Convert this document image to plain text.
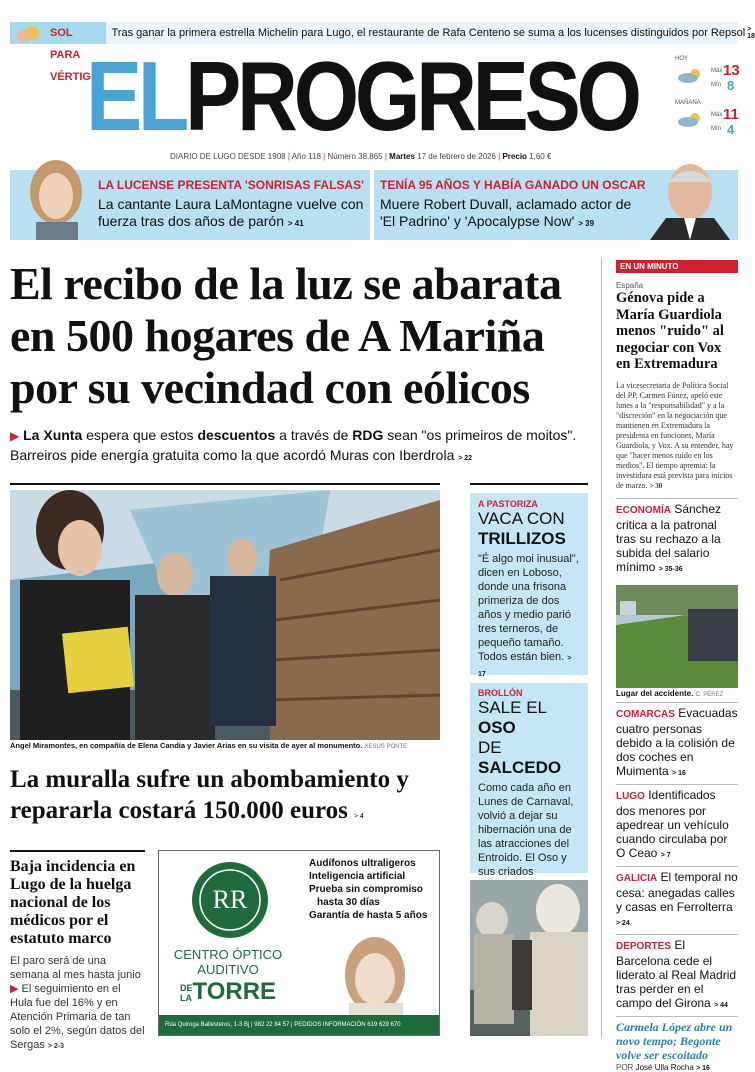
SOL PARA VÉRTIGO
Tras ganar la primera estrella Michelin para Lugo, el restaurante de Rafa Centeno se suma a los lucenses distinguidos por Repsol > 18
ELPROGRESO	HOY
Máx
Mín
13
8
MAÑANA
Máx
Mín
11
4
DIARIO DE LUGO DESDE 1908 | Año 118 | Número 38.865 | Martes 17 de febrero de 2026 | Precio 1,60 €
LA LUCENSE PRESENTA 'SONRISAS FALSAS'
La cantante Laura LaMontagne vuelve con fuerza tras dos años de parón > 41
TENÍA 95 AÑOS Y HABÍA GANADO UN OSCAR
Muere Robert Duvall, aclamado actor de 'El Padrino' y 'Apocalypse Now' > 39
El recibo de la luz se abarata en 500 hogares de A Mariña por su vecindad con eólicos
▶ La Xunta espera que estos descuentos a través de RDG sean "os primeiros de moitos". Barreiros pide energía gratuita como la que acordó Muras con Iberdrola > 22
Ángel Miramontes, en compañía de Elena Candia y Javier Arias en su visita de ayer al monumento. XESÚS PONTE
La muralla sufre un abombamiento y repararla costará 150.000 euros > 4
A PASTORIZA
VACA CON
TRILLIZOS
"É algo moi inusual", dicen en Loboso, donde una frisona primeriza de dos años y medio parió tres terneros, de pequeño tamaño. Todos están bien. > 17
BROLLÓN
SALE EL OSO
DE SALCEDO
Como cada año en Lunes de Carnaval, volvió a dejar su hibernación una de las atracciones del Entroido. El Oso y sus criados
Baja incidencia en Lugo de la huelga nacional de los médicos por el estatuto marco
El paro será de una semana al mes hasta junio ▶ El seguimiento en el Hula fue del 16% y en Atención Primaria de tan solo el 2%, según datos del Sergas > 2-3
RR
Audífonos ultraligeros
Inteligencia artificial
Prueba sin compromiso
hasta 30 días
Garantía de hasta 5 años
CENTRO ÓPTICO
AUDITIVO
DE
LATORRE
Rúa Quiroga Ballesteros, 1-3 Bj | 982 22 84 57 | PEDIDOS INFORMACIÓN 619 629 670
EN UN MINUTO
España
Génova pide a María Guardiola menos "ruido" al negociar con Vox en Extremadura
La vicesecretaria de Política Social del PP, Carmen Fúnez, apeló este lunes a la "responsabilidad" y a la "discreción" en la negociación que mantienen en Extremadura la presidenta en funciones, María Guardiola, y Vox. A su entender, hay que "hacer menos ruido en los medios". El tiempo apremia: la investidura está prevista para inicios de marzo. > 30
ECONOMÍA Sánchez critica a la patronal tras su rechazo a la subida del salario mínimo > 35-36
Lugar del accidente. C. PÉREZ
COMARCAS Evacuadas cuatro personas debido a la colisión de dos coches en Muimenta > 16
LUGO Identificados dos menores por apedrear un vehículo cuando circulaba por O Ceao > 7
GALICIA El temporal no cesa: anegadas calles y casas en Ferrolterra > 24
DEPORTES El Barcelona cede el liderato al Real Madrid tras perder en el campo del Girona > 44
Carmela López abre un novo tempo; Begonte volve ser escoitado
POR José Ulla Rocha > 16
